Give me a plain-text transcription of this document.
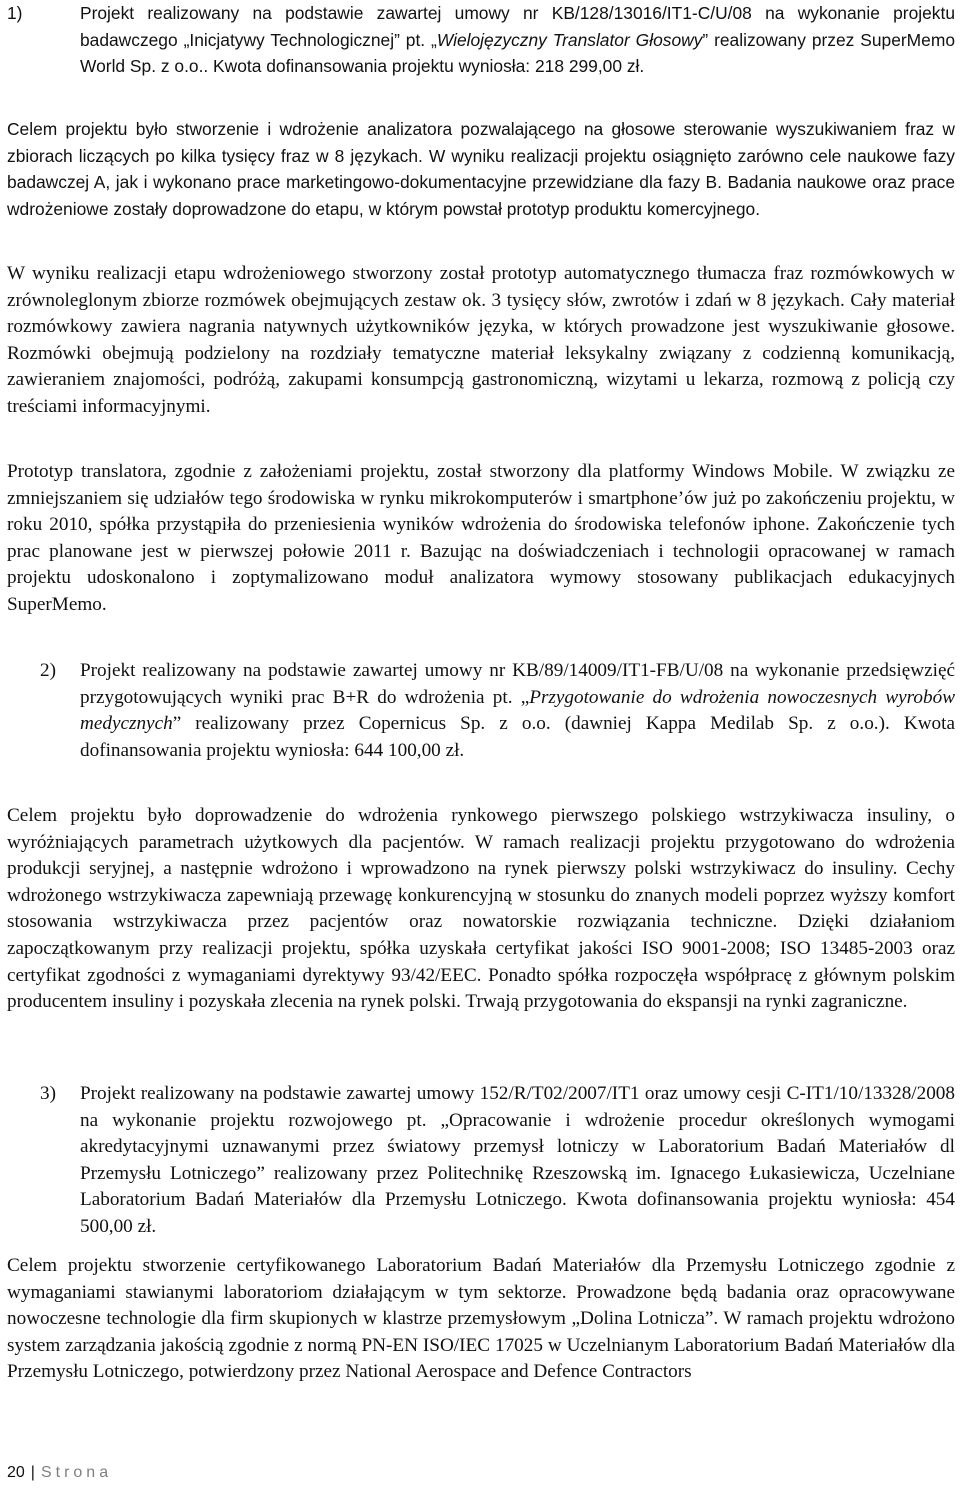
1)	Projekt realizowany na podstawie zawartej umowy nr KB/128/13016/IT1-C/U/08 na wykonanie projektu badawczego „Inicjatywy Technologicznej” pt. „Wielojęzyczny Translator Głosowy” realizowany przez SuperMemo World Sp. z o.o.. Kwota dofinansowania projektu wyniosła: 218 299,00 zł.

Celem projektu było stworzenie i wdrożenie analizatora pozwalającego na głosowe sterowanie wyszukiwaniem fraz w zbiorach liczących po kilka tysięcy fraz w 8 językach. W wyniku realizacji projektu osiągnięto zarówno cele naukowe fazy badawczej A, jak i wykonano prace marketingowo-dokumentacyjne przewidziane dla fazy B. Badania naukowe oraz prace wdrożeniowe zostały doprowadzone do etapu, w którym powstał prototyp produktu komercyjnego.

W wyniku realizacji etapu wdrożeniowego stworzony został prototyp automatycznego tłumacza fraz rozmówkowych w zrównoleglonym zbiorze rozmówek obejmujących zestaw ok. 3 tysięcy słów, zwrotów i zdań w 8 językach. Cały materiał rozmówkowy zawiera nagrania natywnych użytkowników języka, w których prowadzone jest wyszukiwanie głosowe. Rozmówki obejmują podzielony na rozdziały tematyczne materiał leksykalny związany z codzienną komunikacją, zawieraniem znajomości, podróżą, zakupami konsumpcją gastronomiczną, wizytami u lekarza, rozmową z policją czy treściami informacyjnymi.

Prototyp translatora, zgodnie z założeniami projektu, został stworzony dla platformy Windows Mobile. W związku ze zmniejszaniem się udziałów tego środowiska w rynku mikrokomputerów i smartphone’ów już po zakończeniu projektu, w roku 2010, spółka przystąpiła do przeniesienia wyników wdrożenia do środowiska telefonów iphone. Zakończenie tych prac planowane jest w pierwszej połowie 2011 r. Bazując na doświadczeniach i technologii opracowanej w ramach projektu udoskonalono i zoptymalizowano moduł analizatora wymowy stosowany publikacjach edukacyjnych SuperMemo.

2) Projekt realizowany na podstawie zawartej umowy nr KB/89/14009/IT1-FB/U/08 na wykonanie przedsięwzięć przygotowujących wyniki prac B+R do wdrożenia pt. „Przygotowanie do wdrożenia nowoczesnych wyrobów medycznych” realizowany przez Copernicus Sp. z o.o. (dawniej Kappa Medilab Sp. z o.o.). Kwota dofinansowania projektu wyniosła: 644 100,00 zł.

Celem projektu było doprowadzenie do wdrożenia rynkowego pierwszego polskiego wstrzykiwacza insuliny, o wyróżniających parametrach użytkowych dla pacjentów. W ramach realizacji projektu przygotowano do wdrożenia produkcji seryjnej, a następnie wdrożono i wprowadzono na rynek pierwszy polski wstrzykiwacz do insuliny. Cechy wdrożonego wstrzykiwacza zapewniają przewagę konkurencyjną w stosunku do znanych modeli poprzez wyższy komfort stosowania wstrzykiwacza przez pacjentów oraz nowatorskie rozwiązania techniczne. Dzięki działaniom zapoczątkowanym przy realizacji projektu, spółka uzyskała certyfikat jakości ISO 9001-2008; ISO 13485-2003 oraz certyfikat zgodności z wymaganiami dyrektywy 93/42/EEC. Ponadto spółka rozpoczęła współpracę z głównym polskim producentem insuliny i pozyskała zlecenia na rynek polski. Trwają przygotowania do ekspansji na rynki zagraniczne.

3) Projekt realizowany na podstawie zawartej umowy 152/R/T02/2007/IT1 oraz umowy cesji C-IT1/10/13328/2008 na wykonanie projektu rozwojowego pt. „Opracowanie i wdrożenie procedur określonych wymogami akredytacyjnymi uznawanymi przez światowy przemysł lotniczy w Laboratorium Badań Materiałów dl Przemysłu Lotniczego” realizowany przez Politechnikę Rzeszowską im. Ignacego Łukasiewicza, Uczelniane Laboratorium Badań Materiałów dla Przemysłu Lotniczego. Kwota dofinansowania projektu wyniosła: 454 500,00 zł.

Celem projektu stworzenie certyfikowanego Laboratorium Badań Materiałów dla Przemysłu Lotniczego zgodnie z wymaganiami stawianymi laboratoriom działającym w tym sektorze. Prowadzone będą badania oraz opracowywane nowoczesne technologie dla firm skupionych w klastrze przemysłowym „Dolina Lotnicza”. W ramach projektu wdrożono system zarządzania jakością zgodnie z normą PN-EN ISO/IEC 17025 w Uczelnianym Laboratorium Badań Materiałów dla Przemysłu Lotniczego, potwierdzony przez National Aerospace and Defence Contractors

20 | Strona
